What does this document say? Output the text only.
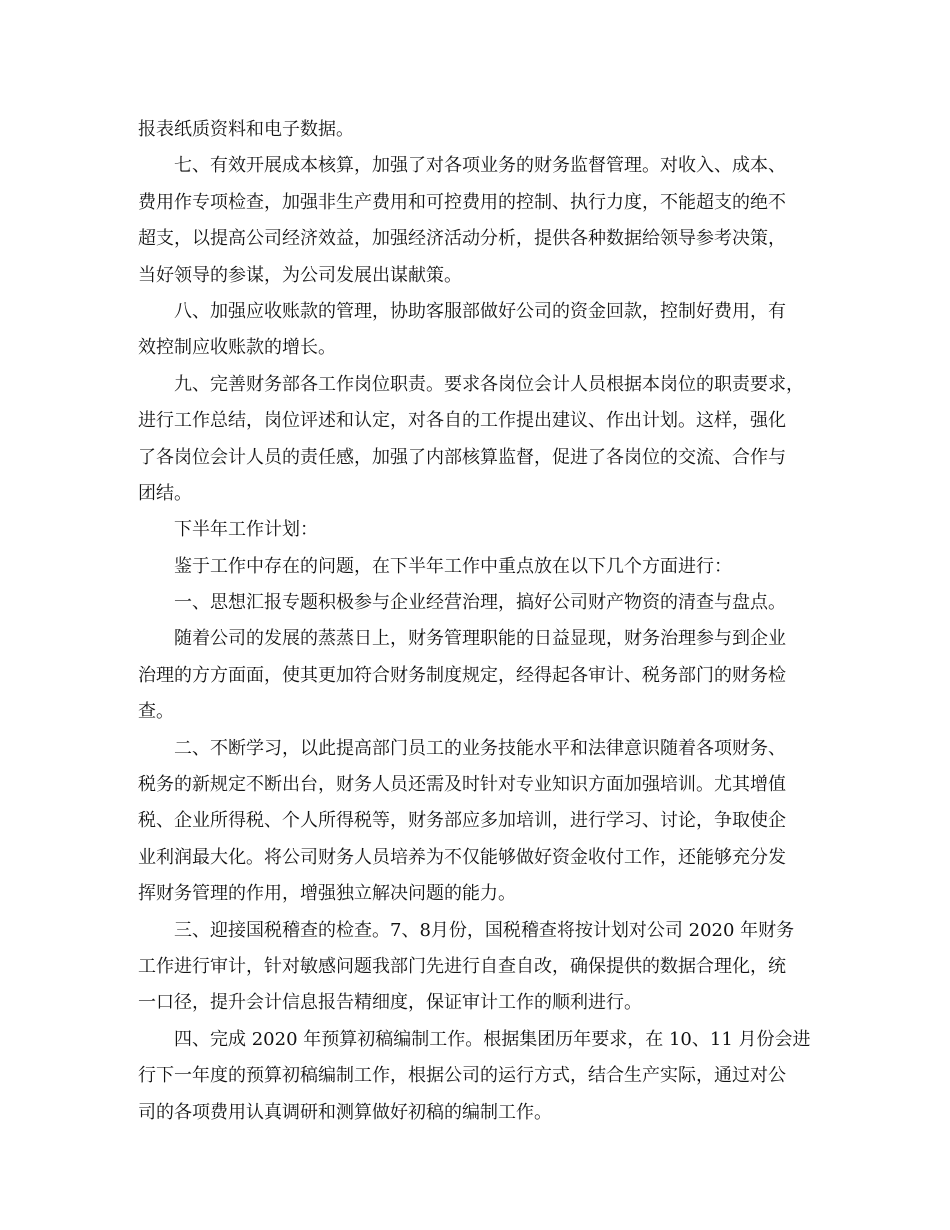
报表纸质资料和电子数据。
七、有效开展成本核算，加强了对各项业务的财务监督管理。对收入、成本、
费用作专项检查，加强非生产费用和可控费用的控制、执行力度，不能超支的绝不
超支，以提高公司经济效益，加强经济活动分析，提供各种数据给领导参考决策，
当好领导的参谋，为公司发展出谋献策。
八、加强应收账款的管理，协助客服部做好公司的资金回款，控制好费用，有
效控制应收账款的增长。
九、完善财务部各工作岗位职责。要求各岗位会计人员根据本岗位的职责要求，
进行工作总结，岗位评述和认定，对各自的工作提出建议、作出计划。这样，强化
了各岗位会计人员的责任感，加强了内部核算监督，促进了各岗位的交流、合作与
团结。
下半年工作计划：
鉴于工作中存在的问题，在下半年工作中重点放在以下几个方面进行：
一、思想汇报专题积极参与企业经营治理，搞好公司财产物资的清查与盘点。
随着公司的发展的蒸蒸日上，财务管理职能的日益显现，财务治理参与到企业
治理的方方面面，使其更加符合财务制度规定，经得起各审计、税务部门的财务检
查。
二、不断学习，以此提高部门员工的业务技能水平和法律意识随着各项财务、
税务的新规定不断出台，财务人员还需及时针对专业知识方面加强培训。尤其增值
税、企业所得税、个人所得税等，财务部应多加培训，进行学习、讨论，争取使企
业利润最大化。将公司财务人员培养为不仅能够做好资金收付工作，还能够充分发
挥财务管理的作用，增强独立解决问题的能力。
三、迎接国税稽查的检查。7、8月份，国税稽查将按计划对公司 2020 年财务
工作进行审计，针对敏感问题我部门先进行自查自改，确保提供的数据合理化，统
一口径，提升会计信息报告精细度，保证审计工作的顺利进行。
四、完成 2020 年预算初稿编制工作。根据集团历年要求，在 10、11 月份会进
行下一年度的预算初稿编制工作，根据公司的运行方式，结合生产实际，通过对公
司的各项费用认真调研和测算做好初稿的编制工作。
